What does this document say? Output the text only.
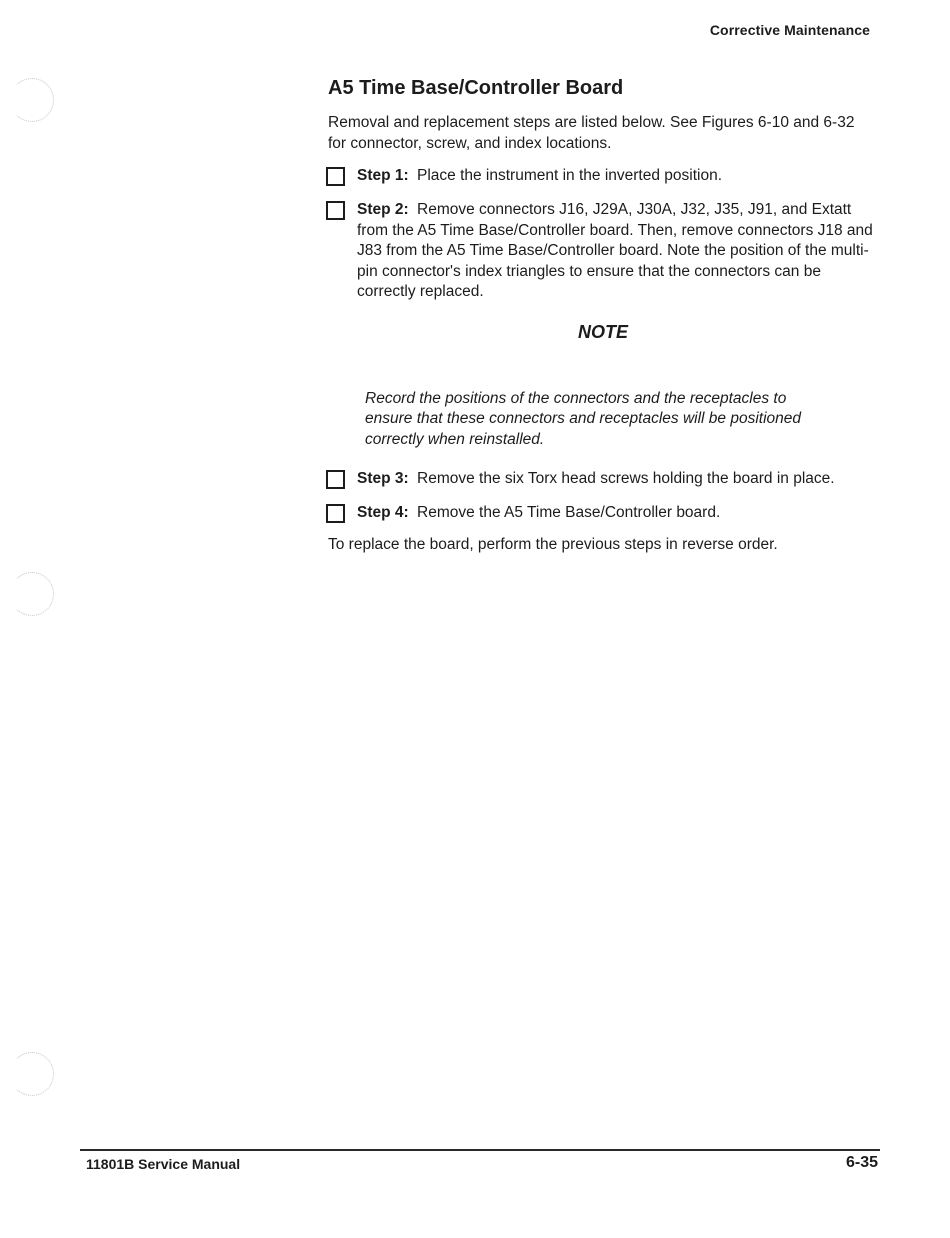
Corrective Maintenance
A5 Time Base/Controller Board

Removal and replacement steps are listed below. See Figures 6-10 and 6-32 for connector, screw, and index locations.

Step 1: Place the instrument in the inverted position.
Step 2: Remove connectors J16, J29A, J30A, J32, J35, J91, and Extatt from the A5 Time Base/Controller board. Then, remove connectors J18 and J83 from the A5 Time Base/Controller board. Note the position of the multi-pin connector's index triangles to ensure that the connectors can be correctly replaced.
NOTE

Record the positions of the connectors and the receptacles to ensure that these connectors and receptacles will be positioned correctly when reinstalled.

Step 3: Remove the six Torx head screws holding the board in place.
Step 4: Remove the A5 Time Base/Controller board.

To replace the board, perform the previous steps in reverse order.

11801B Service Manual	6-35
